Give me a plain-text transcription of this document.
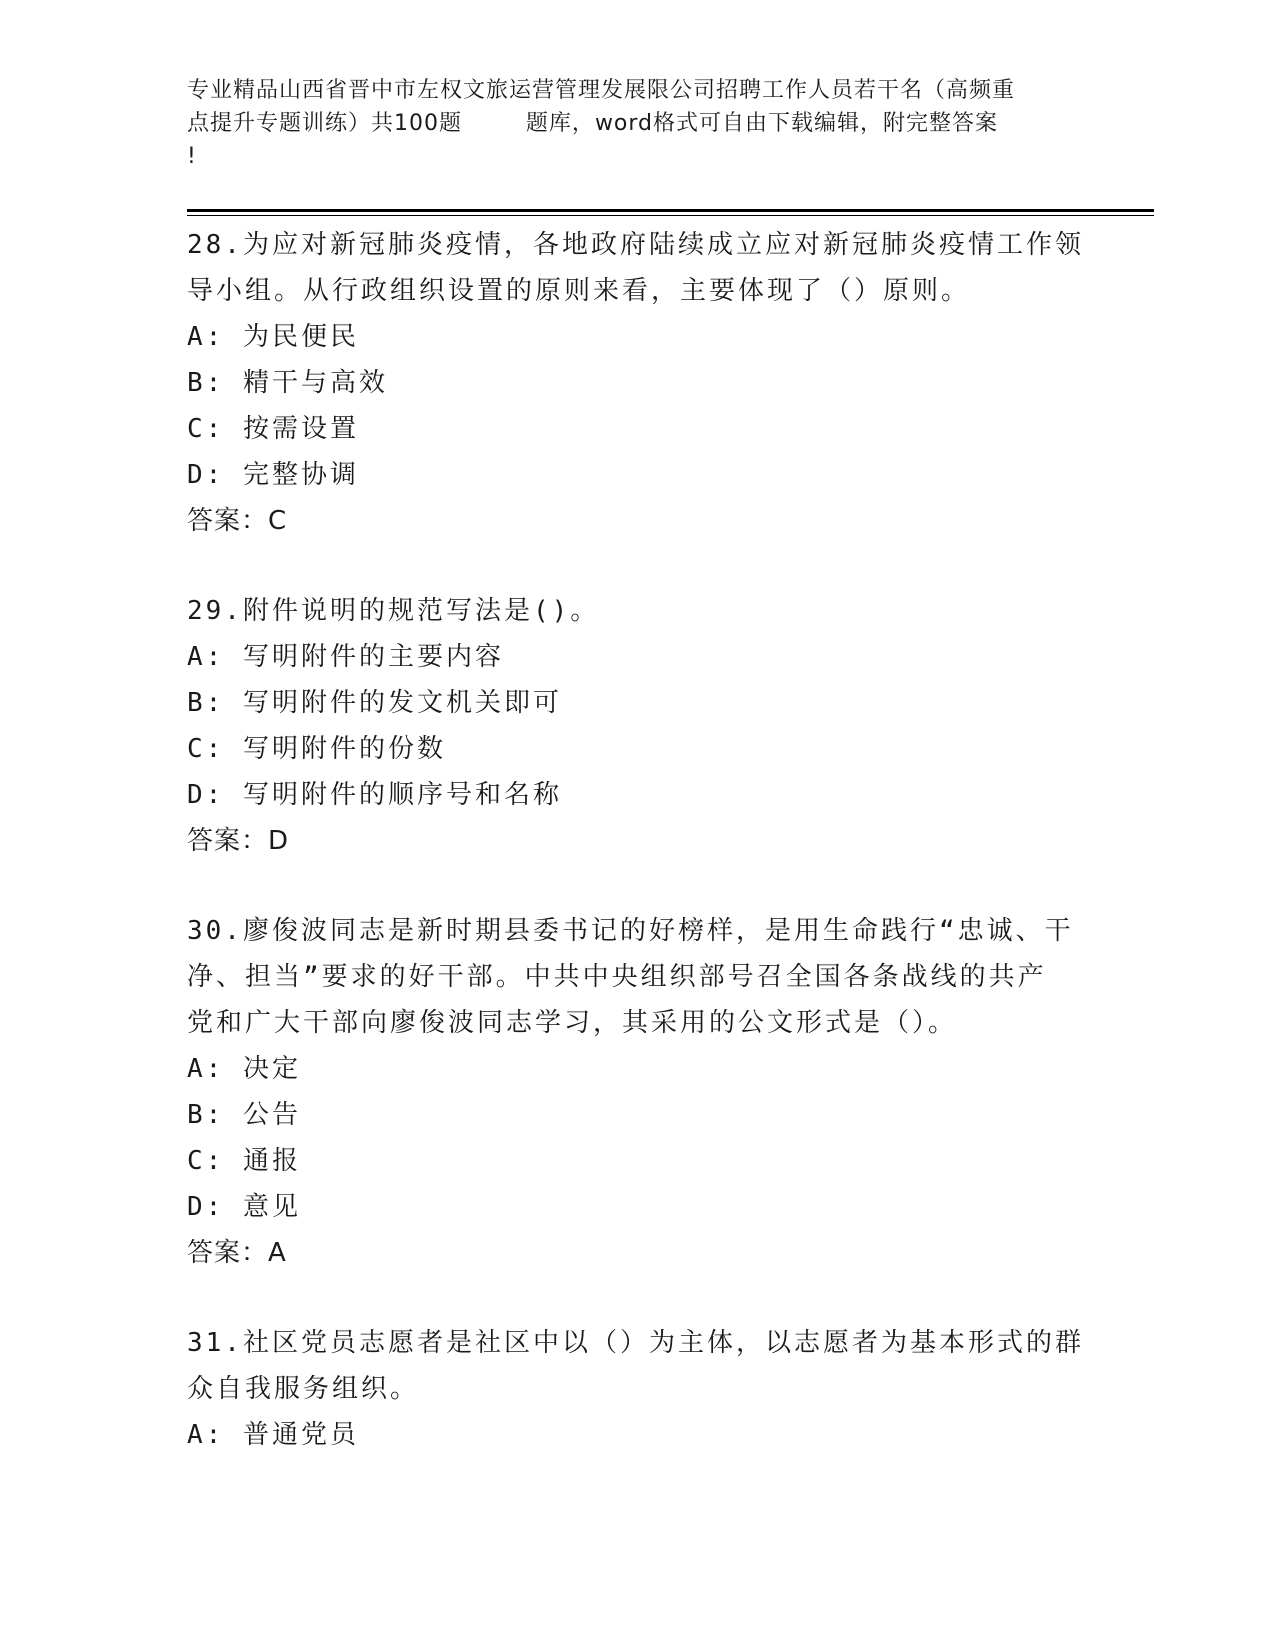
专业精品山西省晋中市左权文旅运营管理发展限公司招聘工作人员若干名（高频重
点提升专题训练）共100题        题库，word格式可自由下载编辑，附完整答案
!
28.为应对新冠肺炎疫情，各地政府陆续成立应对新冠肺炎疫情工作领
导小组。从行政组织设置的原则来看，主要体现了（）原则。
A: 为民便民
B: 精干与高效
C: 按需设置
D: 完整协调
答案：C
29.附件说明的规范写法是()。
A: 写明附件的主要内容
B: 写明附件的发文机关即可
C: 写明附件的份数
D: 写明附件的顺序号和名称
答案：D
30.廖俊波同志是新时期县委书记的好榜样，是用生命践行“忠诚、干
净、担当”要求的好干部。中共中央组织部号召全国各条战线的共产
党和广大干部向廖俊波同志学习，其采用的公文形式是（）。
A: 决定
B: 公告
C: 通报
D: 意见
答案：A
31.社区党员志愿者是社区中以（）为主体，以志愿者为基本形式的群
众自我服务组织。
A: 普通党员
